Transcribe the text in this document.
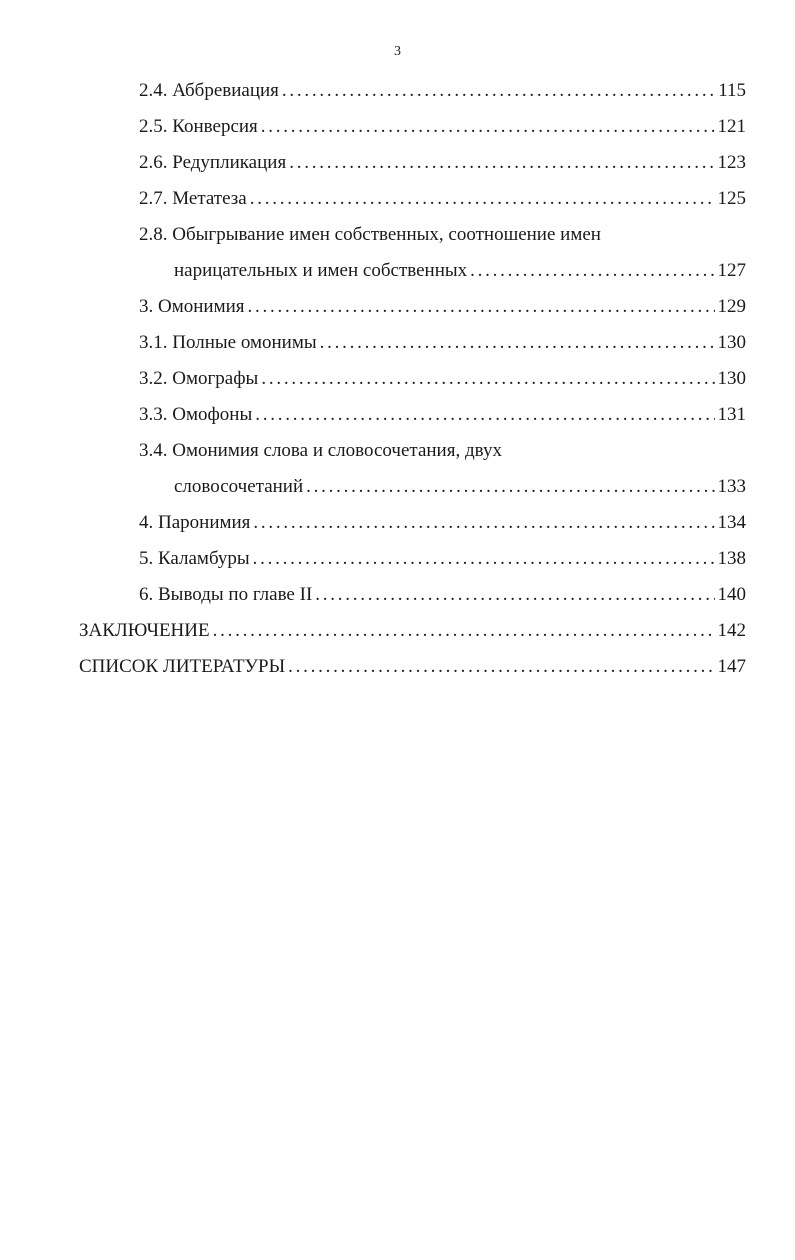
3
2.4. Аббревиация . . .	115
2.5. Конверсия . . .	121
2.6. Редупликация . . .	123
2.7. Метатеза . . .	125
2.8. Обыгрывание имен собственных, соотношение имен
нарицательных и имен собственных . . .	127
3. Омонимия . . .	129
3.1. Полные омонимы . . .	130
3.2. Омографы . . .	130
3.3. Омофоны . . .	131
3.4. Омонимия слова и словосочетания, двух
словосочетаний . . .	133
4. Паронимия . . .	134
5. Каламбуры . . .	138
6. Выводы по главе II . . .	140
ЗАКЛЮЧЕНИЕ . . .	142
СПИСОК ЛИТЕРАТУРЫ . . .	147
